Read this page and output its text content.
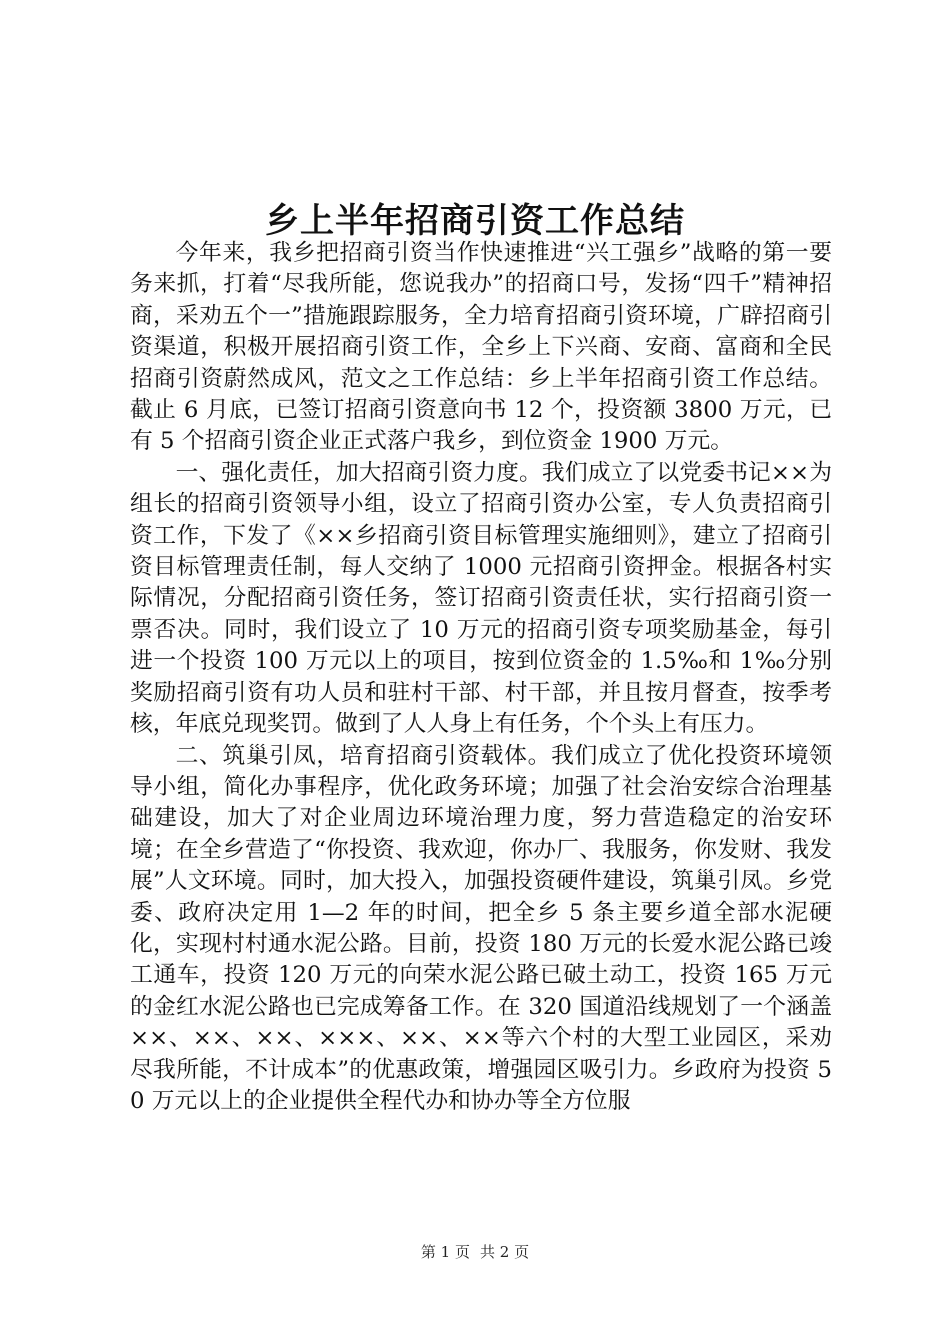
乡上半年招商引资工作总结

今年来，我乡把招商引资当作快速推进“兴工强乡”战略的第一要务来抓，打着“尽我所能，您说我办”的招商口号，发扬“四千”精神招商，采劝五个一”措施跟踪服务，全力培育招商引资环境，广辟招商引资渠道，积极开展招商引资工作，全乡上下兴商、安商、富商和全民招商引资蔚然成风，范文之工作总结：乡上半年招商引资工作总结。截止 6 月底，已签订招商引资意向书 12 个，投资额 3800 万元，已有 5 个招商引资企业正式落户我乡，到位资金 1900 万元。

一、强化责任，加大招商引资力度。我们成立了以党委书记××为组长的招商引资领导小组，设立了招商引资办公室，专人负责招商引资工作，下发了《××乡招商引资目标管理实施细则》，建立了招商引资目标管理责任制，每人交纳了 1000 元招商引资押金。根据各村实际情况，分配招商引资任务，签订招商引资责任状，实行招商引资一票否决。同时，我们设立了 10 万元的招商引资专项奖励基金，每引进一个投资 100 万元以上的项目，按到位资金的 1.5‰和 1‰分别奖励招商引资有功人员和驻村干部、村干部，并且按月督查，按季考核，年底兑现奖罚。做到了人人身上有任务，个个头上有压力。

二、筑巢引凤，培育招商引资载体。我们成立了优化投资环境领导小组，简化办事程序，优化政务环境；加强了社会治安综合治理基础建设，加大了对企业周边环境治理力度，努力营造稳定的治安环境；在全乡营造了“你投资、我欢迎，你办厂、我服务，你发财、我发展”人文环境。同时，加大投入，加强投资硬件建设，筑巢引凤。乡党委、政府决定用 1—2 年的时间，把全乡 5 条主要乡道全部水泥硬化，实现村村通水泥公路。目前，投资 180 万元的长爱水泥公路已竣工通车，投资 120 万元的向荣水泥公路已破土动工，投资 165 万元的金红水泥公路也已完成筹备工作。在 320 国道沿线规划了一个涵盖××、××、××、×××、××、××等六个村的大型工业园区，采劝尽我所能，不计成本”的优惠政策，增强园区吸引力。乡政府为投资 50 万元以上的企业提供全程代办和协办等全方位服

第 1 页 共 2 页
